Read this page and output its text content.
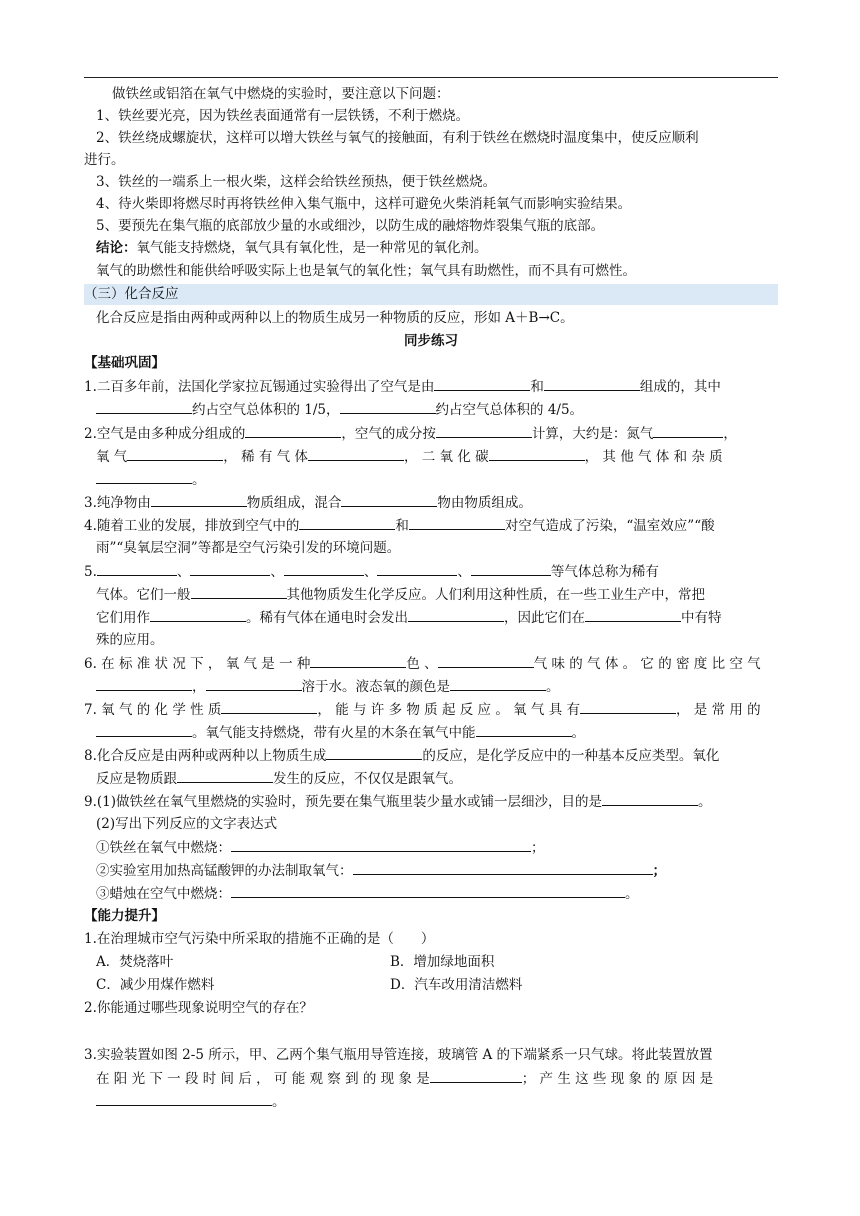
做铁丝或铝箔在氧气中燃烧的实验时，要注意以下问题：
1、铁丝要光亮，因为铁丝表面通常有一层铁锈，不利于燃烧。
2、铁丝绕成螺旋状，这样可以增大铁丝与氧气的接触面，有利于铁丝在燃烧时温度集中，使反应顺利
进行。
3、铁丝的一端系上一根火柴，这样会给铁丝预热，便于铁丝燃烧。
4、待火柴即将燃尽时再将铁丝伸入集气瓶中，这样可避免火柴消耗氧气而影响实验结果。
5、要预先在集气瓶的底部放少量的水或细沙，以防生成的融熔物炸裂集气瓶的底部。
结论：氧气能支持燃烧，氧气具有氧化性，是一种常见的氧化剂。
氧气的助燃性和能供给呼吸实际上也是氧气的氧化性；氧气具有助燃性，而不具有可燃性。
（三）化合反应
化合反应是指由两种或两种以上的物质生成另一种物质的反应，形如 A＋B→C。
同步练习
【基础巩固】
1.二百多年前，法国化学家拉瓦锡通过实验得出了空气是由	和	组成的，其中
约占空气总体积的 1/5，	约占空气总体积的 4/5。
2.空气是由多种成分组成的	，空气的成分按	计算，大约是：氮气	，
氧 气	， 稀 有 气 体	， 二 氧 化 碳	， 其 他 气 体 和 杂 质
。
3.纯净物由	物质组成，混合	物由物质组成。
4.随着工业的发展，排放到空气中的	和	对空气造成了污染，“温室效应”“酸
雨”“臭氧层空洞”等都是空气污染引发的环境问题。
5.	、	、	、	、	等气体总称为稀有
气体。它们一般	其他物质发生化学反应。人们利用这种性质，在一些工业生产中，常把
它们用作	。稀有气体在通电时会发出	，因此它们在	中有特
殊的应用。
6. 在 标 准 状 况 下 ， 氧 气 是 一 种	色 、	气 味 的 气 体 。 它 的 密 度 比 空 气
，	溶于水。液态氧的颜色是	。
7. 氧 气 的 化 学 性 质	， 能 与 许 多 物 质 起 反 应 。 氧 气 具 有	， 是 常 用 的
。氧气能支持燃烧，带有火星的木条在氧气中能	。
8.化合反应是由两种或两种以上物质生成	的反应，是化学反应中的一种基本反应类型。氧化
反应是物质跟	发生的反应，不仅仅是跟氧气。
9.(1)做铁丝在氧气里燃烧的实验时，预先要在集气瓶里装少量水或铺一层细沙，目的是	。
(2)写出下列反应的文字表达式
①铁丝在氧气中燃烧：	；
②实验室用加热高锰酸钾的办法制取氧气：	；
③蜡烛在空气中燃烧：	。
【能力提升】
1.在治理城市空气污染中所采取的措施不正确的是（　　）
A．焚烧落叶	B．增加绿地面积
C．减少用煤作燃料	D．汽车改用清洁燃料
2.你能通过哪些现象说明空气的存在？
3.实验装置如图 2-5 所示，甲、乙两个集气瓶用导管连接，玻璃管 A 的下端紧系一只气球。将此装置放置
在 阳 光 下 一 段 时 间 后 ， 可 能 观 察 到 的 现 象 是	； 产 生 这 些 现 象 的 原 因 是
。
